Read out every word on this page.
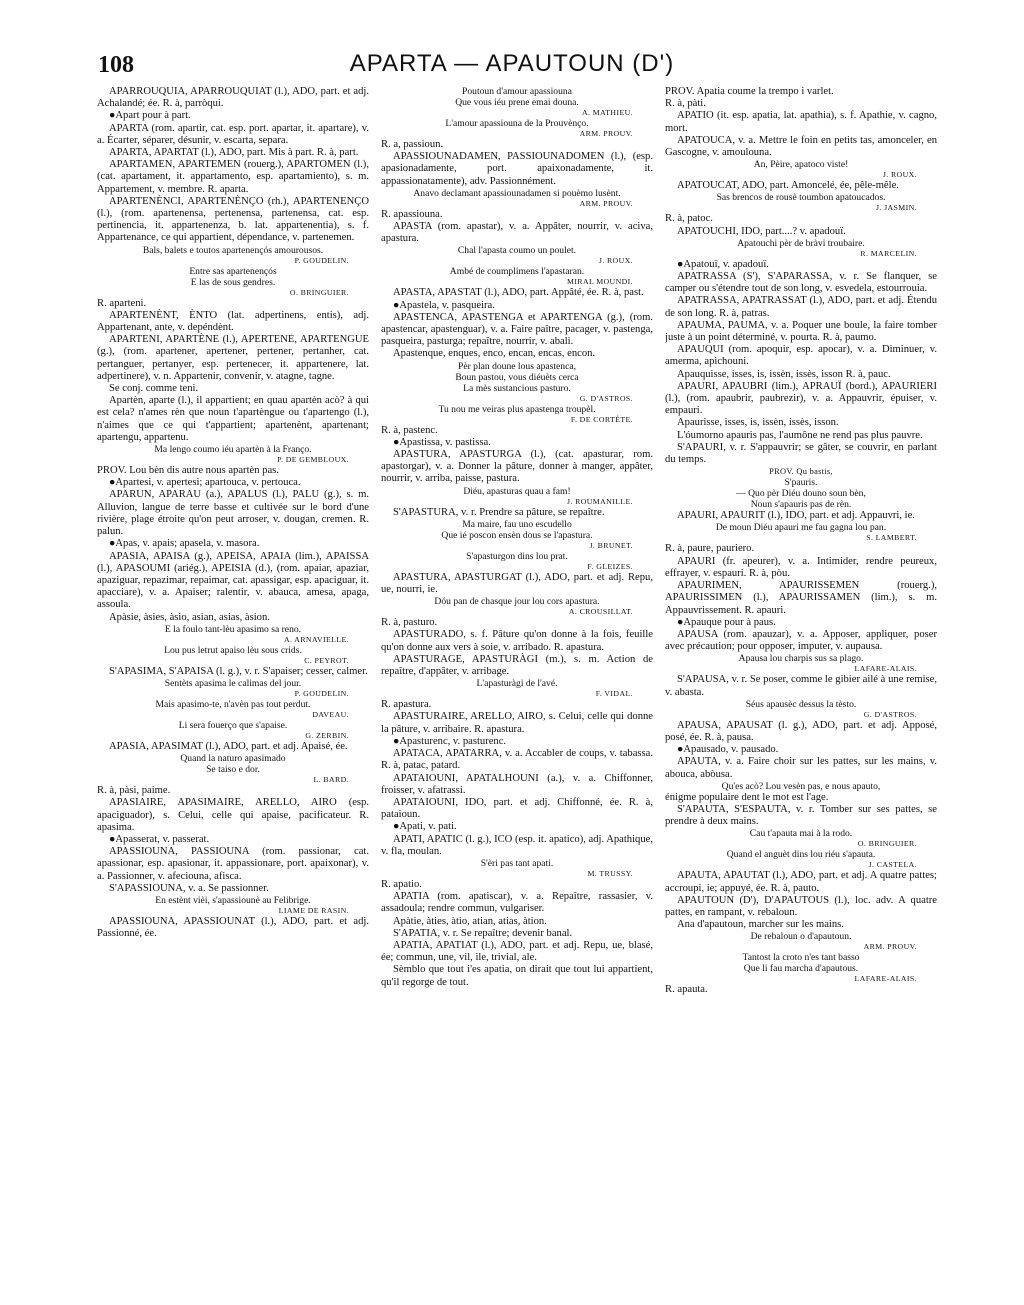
108	APARTA — APAUTOUN (D')

APARROUQUIA, APARROUQUIAT (l.), ADO, part. et adj. Achalandé; ée. R. à, parròqui.

●Apart pour à part.

APARTA (rom. apartir, cat. esp. port. apartar, it. apartare), v. a. Écarter, séparer, désunir, v. escarta, separa.

APARTA, APARTAT (l.), ADO, part. Mis à part. R. à, part.

APARTAMEN, APARTEMEN (rouerg.), APARTOMEN (l.), (cat. apartament, it. appartamento, esp. apartamiento), s. m. Appartement, v. membre. R. aparta.

APARTENÈNCI, APARTENÈNÇO (rh.), APARTENENÇO (l.), (rom. apartenensa, pertenensa, partenensa, cat. esp. pertinencia, it. appartenenza, b. lat. appartenentia), s. f. Appartenance, ce qui appartient, dépendance, v. partenemen.

Bals, balets e toutos apartenençós amourousos.

P. GOUDELIN.

Entre sas apartenençós

E las de sous gendres.

O. BRINGUIER.

R. aparteni.

APARTENÈNT, ÈNTO (lat. adpertinens, entis), adj. Appartenant, ante, v. depéndènt.

APARTENI, APARTÈNE (l.), APERTENE, APARTENGUE (g.), (rom. apartener, apertener, pertener, pertanher, cat. pertanguer, pertanyer, esp. pertenecer, it. appartenere, lat. adpertinere), v. n. Appartenir, convenir, v. atagne, tagne.

Se conj. comme teni.

Apartèn, aparte (l.), il appartient; en quau apartèn acò? à qui est cela? n'ames rèn que noun t'apartèngue ou t'apartengo (l.), n'aimes que ce qui t'appartient; apartenènt, apartenant; apartengu, appartenu.

Ma lengo coumo iéu apartèn à la Franço.

P. DE GEMBLOUX.

PROV. Lou bèn dis autre nous apartèn pas.

●Apartesi, v. apertesi; apartouca, v. pertouca.

APARUN, APARAU (a.), APALUS (l.), PALU (g.), s. m. Alluvion, langue de terre basse et cultivée sur le bord d'une rivière, plage étroite qu'on peut arroser, v. dougan, cremen. R. palun.

●Apas, v. apais; apasela, v. masora.

APASIA, APAISA (g.), APEISA, APAIA (lim.), APAISSA (l.), APASOUMI (ariég.), APEISIA (d.), (rom. apaiar, apaziar, apaziguar, repazimar, repaimar, cat. apassigar, esp. apaciguar, it. apacciare), v. a. Apaiser; ralentir, v. abauca, amesa, apaga, assoula.

Apàsie, àsies, àsio, asian, asias, àsion.

E la foulo tant-lèu apasimo sa reno.

A. ARNAVIELLE.

Lou pus letrut apaiso lèu sous crids.

C. PEYROT.

S'APASIMA, S'APAISA (l. g.), v. r. S'apaiser; cesser, calmer.

Sentèts apasima le calimas del jour.

P. GOUDELIN.

Mais apasimo-te, n'avèn pas tout perdut.

DAVEAU.

Li sera fouerço que s'apaise.

G. ZERBIN.

APASIA, APASIMAT (l.), ADO, part. et adj. Apaisé, ée.

Quand la naturo apasimado

Se taiso e dor.

L. BARD.

R. à, pàsi, paime.

APASIAIRE, APASIMAIRE, ARELLO, AIRO (esp. apaciguador), s. Celui, celle qui apaise, pacificateur. R. apasima.

●Apasserat, v. passerat.

APASSIOUNA, PASSIOUNA (rom. passionar, cat. apassionar, esp. apasionar, it. appassionare, port. apaixonar), v. a. Passionner, v. afeciouna, afisca.

S'APASSIOUNA, v. a. Se passionner.

En estènt vièi, s'apassiounè au Felibrige.

LIAME DE RASIN.

APASSIOUNA, APASSIOUNAT (l.), ADO, part. et adj. Passionné, ée.

Poutoun d'amour apassiouna

Que vous iéu prene emai douna.

A. MATHIEU.

L'amour apassiouna de la Prouvènço.

ARM. PROUV.

R. a, passioun.

APASSIOUNADAMEN, PASSIOUNADOMEN (l.), (esp. apasionadamente, port. apaixonadamente, it. appassionatamente), adv. Passionnément.

Anavo declamant apassiounadamen si pouèmo lusènt.

ARM. PROUV.

R. apassiouna.

APASTA (rom. apastar), v. a. Appâter, nourrir, v. aciva, apastura.

Chal l'apasta coumo un poulet.

J. ROUX.

Ambé de coumplimens l'apastaran.

MIRAL MOUNDI.

APASTA, APASTAT (l.), ADO, part. Appâté, ée. R. à, past.

●Apastela, v. pasqueira.

APASTENCA, APASTENGA et APARTENGA (g.), (rom. apastencar, apastenguar), v. a. Faire paître, pacager, v. pastenga, pasqueira, pasturga; repaître, nourrir, v. abali.

Apastenque, enques, enco, encan, encas, encon.

Pèr plan doune lous apastenca,

Boun pastou, vous diéuèts cerca

La mès sustancious pasturo.

G. D'ASTROS.

Tu nou me veiras plus apastenga troupèl.

F. DE CORTÈTE.

R. à, pastenc.

●Apastissa, v. pastissa.

APASTURA, APASTURGA (l.), (cat. apasturar, rom. apastorgar), v. a. Donner la pâture, donner à manger, appâter, nourrir, v. arriba, paisse, pastura.

Diéu, apasturas quau a fam!

J. ROUMANILLE.

S'APASTURA, v. r. Prendre sa pâture, se repaître.

Ma maire, fau uno escudello

Que ié poscon ensèn dous se l'apastura.

J. BRUNET.

S'apasturgon dins lou prat.

F. GLEIZES.

APASTURA, APASTURGAT (l.), ADO, part. et adj. Repu, ue, nourri, ie.

Dóu pan de chasque jour lou cors apastura.

A. CROUSILLAT.

R. à, pasturo.

APASTURADO, s. f. Pâture qu'on donne à la fois, feuille qu'on donne aux vers à soie, v. arribado. R. apastura.

APASTURAGE, APASTURÀGI (m.), s. m. Action de repaître, d'appâter, v. arribage.

L'apasturàgi de l'avé.

F. VIDAL.

R. apastura.

APASTURAIRE, ARELLO, AIRO, s. Celui, celle qui donne la pâture, v. arribaire. R. apastura.

●Apasturenc, v. pasturenc.

APATACA, APATARRA, v. a. Accabler de coups, v. tabassa. R. à, patac, patard.

APATAIOUNI, APATALHOUNI (a.), v. a. Chiffonner, froisser, v. afatrassi.

APATAIOUNI, IDO, part. et adj. Chiffonné, ée. R. à, pataioun.

●Apati, v. pati.

APATI, APATIC (l. g.), ICO (esp. it. apatico), adj. Apathique, v. fla, moulan.

S'èri pas tant apati.

M. TRUSSY.

R. apatio.

APATIA (rom. apatiscar), v. a. Repaître, rassasier, v. assadoula; rendre commun, vulgariser.

Apàtie, àties, àtio, atian, atias, àtion.

S'APATIA, v. r. Se repaître; devenir banal.

APATIA, APATIAT (l.), ADO, part. et adj. Repu, ue, blasé, ée; commun, une, vil, ile, trivial, ale.

Sèmblo que tout i'es apatia, on dirait que tout lui appartient, qu'il regorge de tout.

PROV. Apatia coume la trempo i varlet.

R. à, pàti.

APATIO (it. esp. apatia, lat. apathia), s. f. Apathie, v. cagno, mort.

APATOUCA, v. a. Mettre le foin en petits tas, amonceler, en Gascogne, v. amoulouna.

An, Pèire, apatoco viste!

J. ROUX.

APATOUCAT, ADO, part. Amoncelé, ée, pêle-mêle.

Sas brencos de rousè toumbon apatoucados.

J. JASMIN.

R. à, patoc.

APATOUCHI, IDO, part....? v. apadouï.

Apatouchi pèr de bràvi troubaire.

R. MARCELIN.

●Apatouï, v. apadouï.

APATRASSA (S'), S'APARASSA, v. r. Se flanquer, se camper ou s'étendre tout de son long, v. esvedela, estourrouia.

APATRASSA, APATRASSAT (l.), ADO, part. et adj. Étendu de son long. R. à, patras.

APAUMA, PAUMA, v. a. Poquer une boule, la faire tomber juste à un point déterminé, v. pourta. R. à, paumo.

APAUQUI (rom. apoquir, esp. apocar), v. a. Diminuer, v. amerma, apichouni.

Apauquisse, isses, is, issèn, issès, isson R. à, pauc.

APAURI, APAUBRI (lim.), APRAUÏ (bord.), APAURIERI (l.), (rom. apaubrir, paubrezir), v. a. Appauvrir, épuiser, v. empauri.

Apaurisse, isses, is, issèn, issès, isson.

L'óumorno apauris pas, l'aumône ne rend pas plus pauvre.

S'APAURI, v. r. S'appauvrir; se gâter, se couvrir, en parlant du temps.

PROV. Qu bastis,

S'pauris.

— Quo pèr Diéu douno soun bèn,

Noun s'apauris pas de rèn.

APAURI, APAURIT (l.), IDO, part. et adj. Appauvri, ie.

De moun Diéu apauri me fau gagna lou pan.

S. LAMBERT.

R. à, paure, pauriero.

APAURI (fr. apeurer), v. a. Intimider, rendre peureux, effrayer, v. espauri. R. à, pòu.

APAURIMEN, APAURISSEMEN (rouerg.), APAURISSIMEN (l.), APAURISSAMEN (lim.), s. m. Appauvrissement. R. apauri.

●Apauque pour à paus.

APAUSA (rom. apauzar), v. a. Apposer, appliquer, poser avec précaution; pour opposer, imputer, v. aupausa.

Apausa lou charpis sus sa plago.

LAFARE-ALAIS.

S'APAUSA, v. r. Se poser, comme le gibier ailé à une remise, v. abasta.

Séus apausèc dessus la tèsto.

G. D'ASTROS.

APAUSA, APAUSAT (l. g.), ADO, part. et adj. Apposé, posé, ée. R. à, pausa.

●Apausado, v. pausado.

APAUTA, v. a. Faire choir sur les pattes, sur les mains, v. abouca, abòusa.

Qu'es acò? Lou vesèn pas, e nous apauto,

énigme populaire dent le mot est l'age.

S'APAUTA, S'ESPAUTA, v. r. Tomber sur ses pattes, se prendre à deux mains.

Cau t'apauta mai à la rodo.

O. BRINGUIER.

Quand el anguèt dins lou riéu s'apauta.

J. CASTELA.

APAUTA, APAUTAT (l.), ADO, part. et adj. A quatre pattes; accroupi, ie; appuyé, ée. R. à, pauto.

APAUTOUN (D'), D'APAUTOUS (l.), loc. adv. A quatre pattes, en rampant, v. rebaloun.

Ana d'apautoun, marcher sur les mains.

De rebaloun o d'apautoun.

ARM. PROUV.

Tantost la croto n'es tant basso

Que li fau marcha d'apautous.

LAFARE-ALAIS.

R. apauta.
